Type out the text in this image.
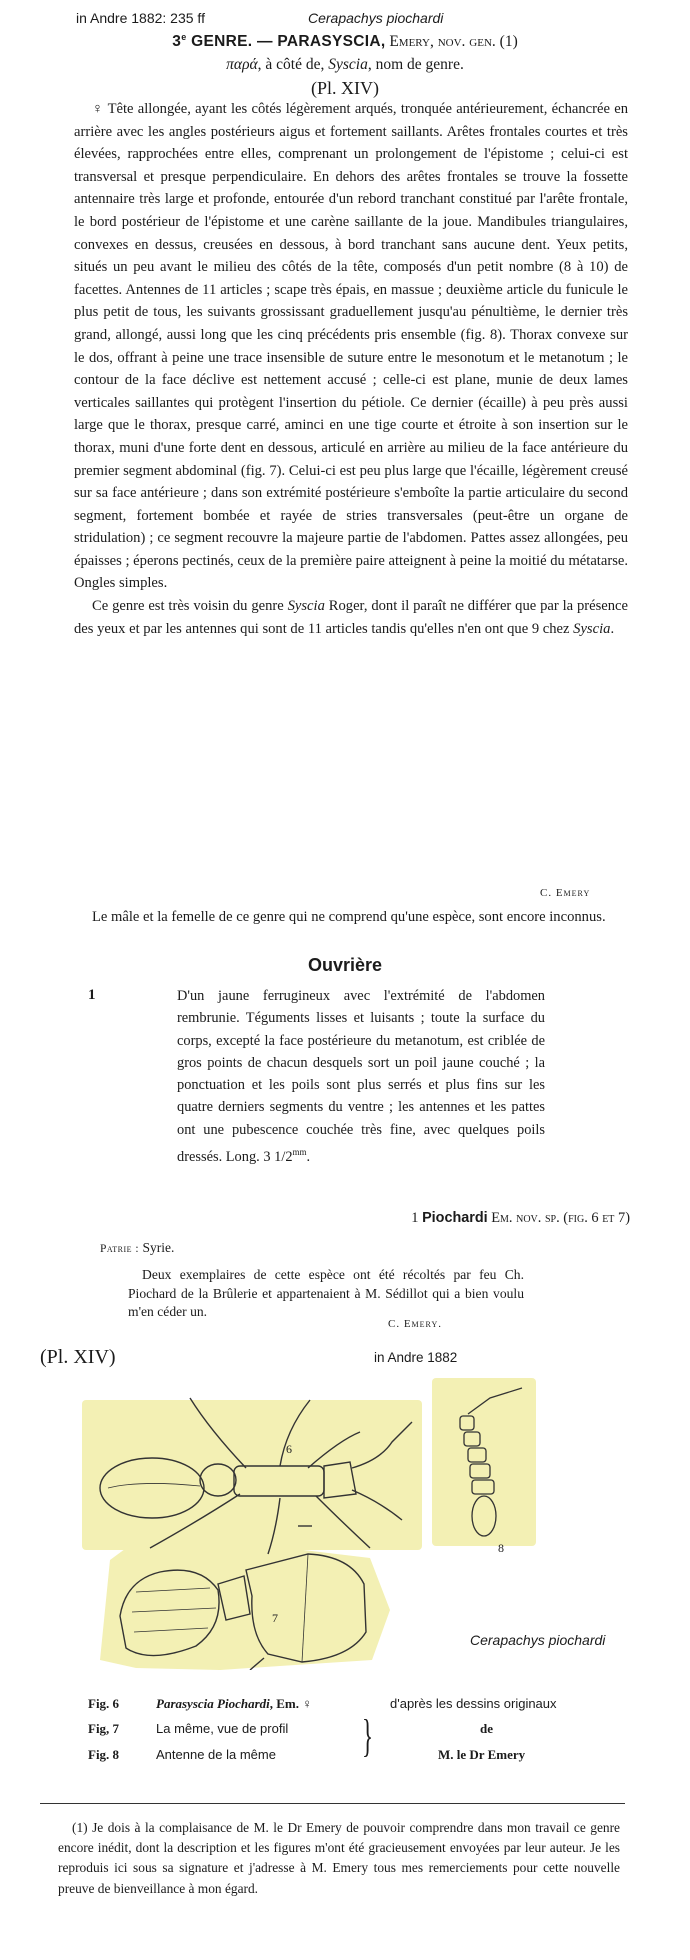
in Andre 1882: 235 ff	Cerapachys piochardi
3e GENRE. — PARASYSCIA, Emery, nov. gen. (1)
παρά, à côté de, Syscia, nom de genre.
(Pl. XIV)

♀ Tête allongée, ayant les côtés légèrement arqués, tronquée antérieurement, échancrée en arrière avec les angles postérieurs aigus et fortement saillants. Arêtes frontales courtes et très élevées, rapprochées entre elles, comprenant un prolongement de l'épistome ; celui-ci est transversal et presque perpendiculaire. En dehors des arêtes frontales se trouve la fossette antennaire très large et profonde, entourée d'un rebord tranchant constitué par l'arête frontale, le bord postérieur de l'épistome et une carène saillante de la joue. Mandibules triangulaires, convexes en dessus, creusées en dessous, à bord tranchant sans aucune dent. Yeux petits, situés un peu avant le milieu des côtés de la tête, composés d'un petit nombre (8 à 10) de facettes. Antennes de 11 articles ; scape très épais, en massue ; deuxième article du funicule le plus petit de tous, les suivants grossissant graduellement jusqu'au pénultième, le dernier très grand, allongé, aussi long que les cinq précédents pris ensemble (fig. 8). Thorax convexe sur le dos, offrant à peine une trace insensible de suture entre le mesonotum et le metanotum ; le contour de la face déclive est nettement accusé ; celle-ci est plane, munie de deux lames verticales saillantes qui protègent l'insertion du pétiole. Ce dernier (écaille) à peu près aussi large que le thorax, presque carré, aminci en une tige courte et étroite à son insertion sur le thorax, muni d'une forte dent en dessous, articulé en arrière au milieu de la face antérieure du premier segment abdominal (fig. 7). Celui-ci est peu plus large que l'écaille, légèrement creusé sur sa face antérieure ; dans son extrémité postérieure s'emboîte la partie articulaire du second segment, fortement bombée et rayée de stries transversales (peut-être un organe de stridulation) ; ce segment recouvre la majeure partie de l'abdomen. Pattes assez allongées, peu épaisses ; éperons pectinés, ceux de la première paire atteignent à peine la moitié du métatarse. Ongles simples.

Ce genre est très voisin du genre Syscia Roger, dont il paraît ne différer que par la présence des yeux et par les antennes qui sont de 11 articles tandis qu'elles n'en ont que 9 chez Syscia.

C. Emery

Le mâle et la femelle de ce genre qui ne comprend qu'une espèce, sont encore inconnus.

Ouvrière
1	D'un jaune ferrugineux avec l'extrémité de l'abdomen rembrunie. Téguments lisses et luisants ; toute la surface du corps, excepté la face postérieure du metanotum, est criblée de gros points de chacun desquels sort un poil jaune couché ; la ponctuation et les poils sont plus serrés et plus fins sur les quatre derniers segments du ventre ; les antennes et les pattes ont une pubescence couchée très fine, avec quelques poils dressés. Long. 3 $1/2^{mm}$.
1 Piochardi Em. nov. sp. (fig. 6 et 7)
Patrie : Syrie.

Deux exemplaires de cette espèce ont été récoltés par feu Ch. Piochard de la Brûlerie et appartenaient à M. Sédillot qui a bien voulu m'en céder un.

C. Emery.
(Pl. XIV)	in Andre 1882
6
8
7
Cerapachys piochardi
Fig. 6	Parasyscia Piochardi, Em. ♀	d'après les dessins originaux
Fig, 7	La même, vue de profil	de
Fig. 8	Antenne de la même	M. le Dr Emery
}

(1) Je dois à la complaisance de M. le Dr Emery de pouvoir comprendre dans mon travail ce genre encore inédit, dont la description et les figures m'ont été gracieusement envoyées par leur auteur. Je les reproduis ici sous sa signature et j'adresse à M. Emery tous mes remerciements pour cette nouvelle preuve de bienveillance à mon égard.
